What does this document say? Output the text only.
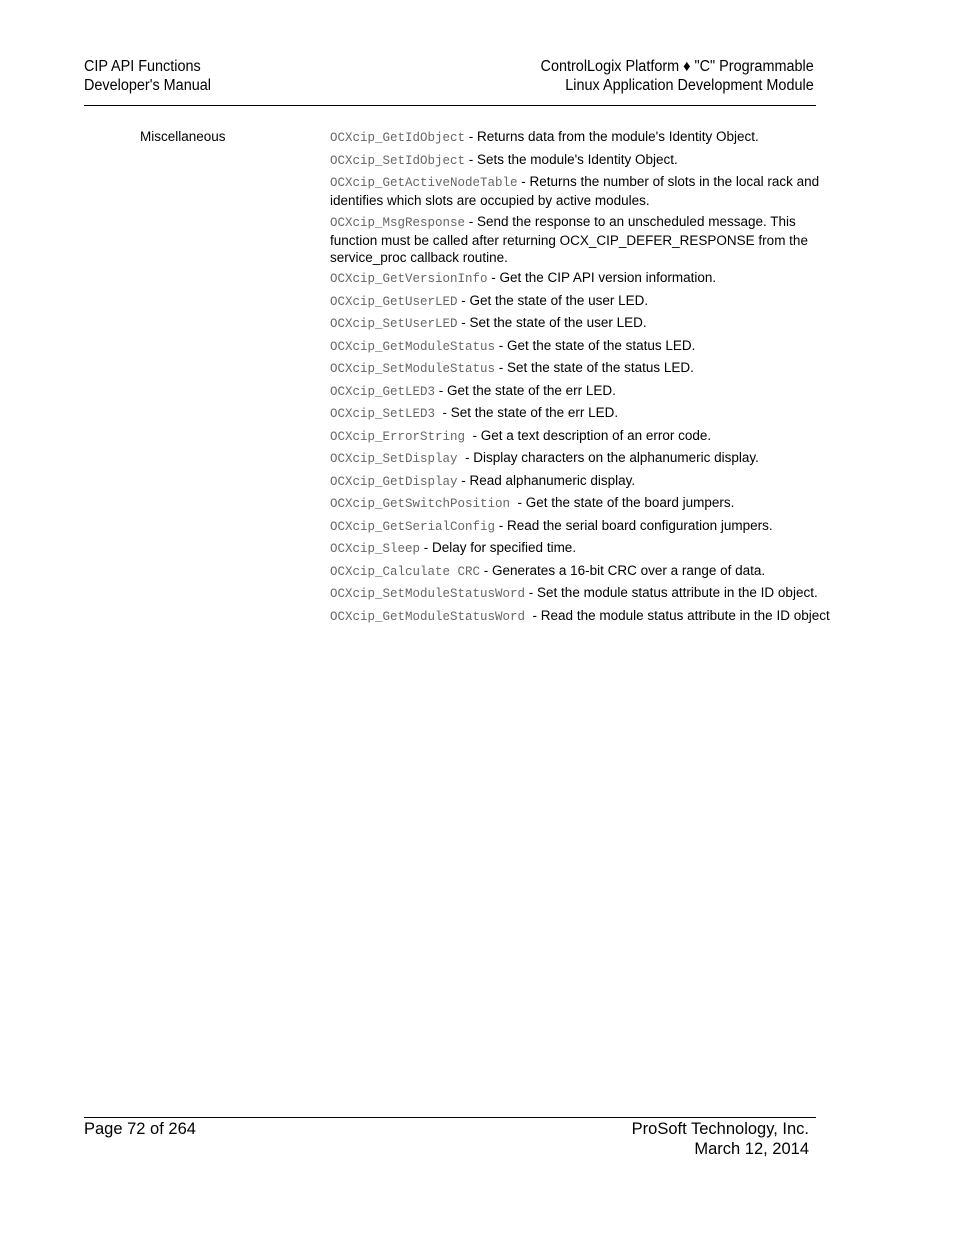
CIP API Functions
Developer's Manual
ControlLogix Platform ♦ "C" Programmable
Linux Application Development Module
Miscellaneous	OCXcip_GetIdObject - Returns data from the module's Identity Object.
OCXcip_SetIdObject - Sets the module's Identity Object.
OCXcip_GetActiveNodeTable - Returns the number of slots in the local rack and identifies which slots are occupied by active modules.
OCXcip_MsgResponse - Send the response to an unscheduled message. This function must be called after returning OCX_CIP_DEFER_RESPONSE from the service_proc callback routine.
OCXcip_GetVersionInfo - Get the CIP API version information.
OCXcip_GetUserLED - Get the state of the user LED.
OCXcip_SetUserLED - Set the state of the user LED.
OCXcip_GetModuleStatus - Get the state of the status LED.
OCXcip_SetModuleStatus - Set the state of the status LED.
OCXcip_GetLED3 - Get the state of the err LED.
OCXcip_SetLED3  - Set the state of the err LED.
OCXcip_ErrorString  - Get a text description of an error code.
OCXcip_SetDisplay  - Display characters on the alphanumeric display.
OCXcip_GetDisplay - Read alphanumeric display.
OCXcip_GetSwitchPosition  - Get the state of the board jumpers.
OCXcip_GetSerialConfig - Read the serial board configuration jumpers.
OCXcip_Sleep - Delay for specified time.
OCXcip_Calculate CRC - Generates a 16-bit CRC over a range of data.
OCXcip_SetModuleStatusWord - Set the module status attribute in the ID object.
OCXcip_GetModuleStatusWord  - Read the module status attribute in the ID object
Page 72 of 264	ProSoft Technology, Inc.
March 12, 2014
